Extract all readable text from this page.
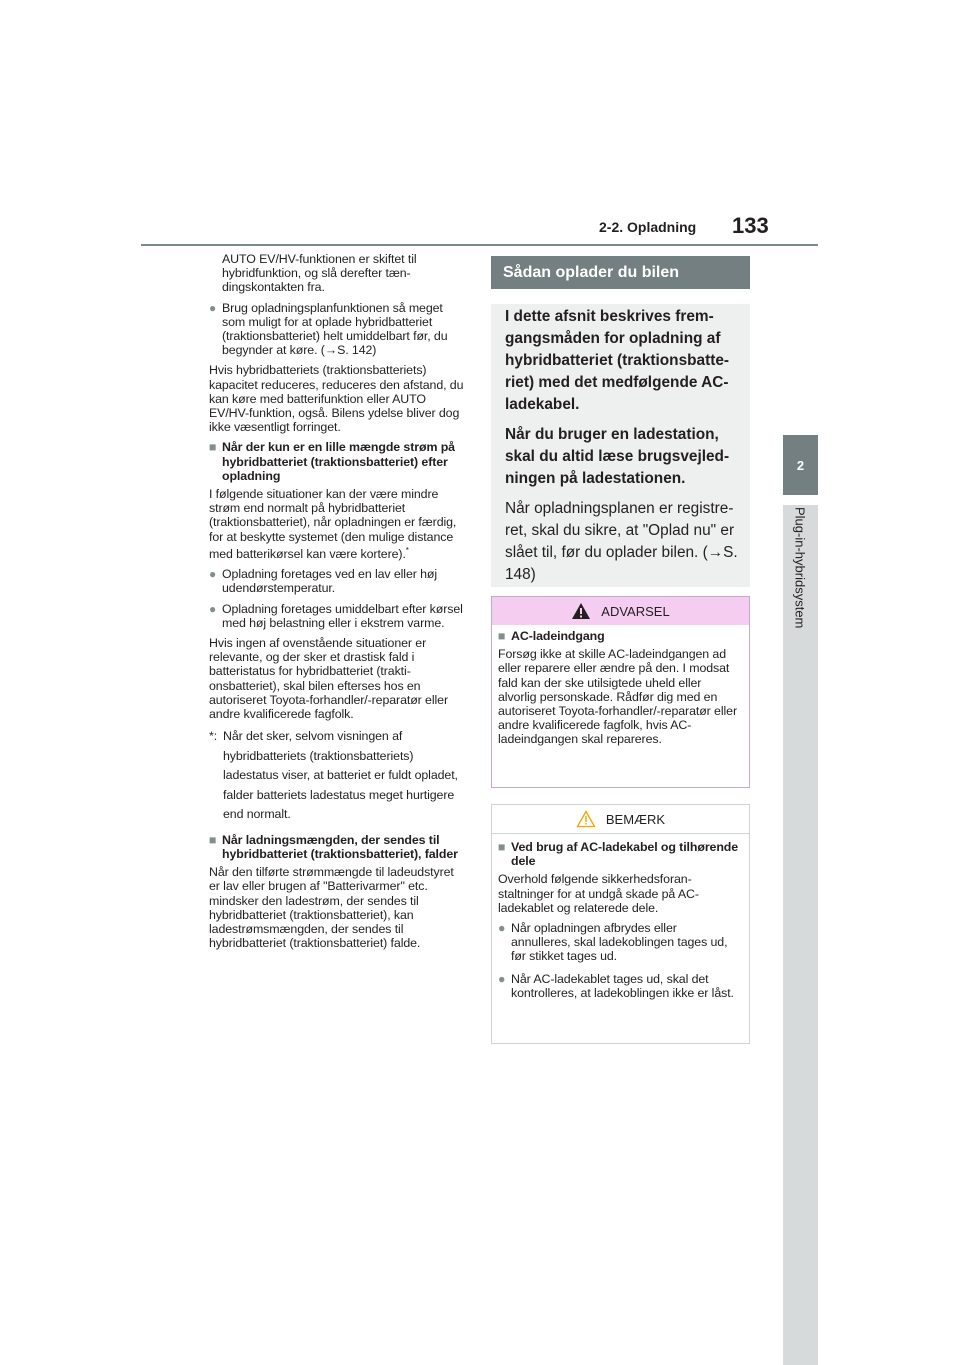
2-2. Opladning 133
2
Plug-in-hybridsystem

AUTO EV/HV-funktionen er skiftet til hybridfunktion, og slå derefter tændingskontakten fra.

● Brug opladningsplanfunktionen så meget som muligt for at oplade hybridbatteriet (traktionsbatteriet) helt umiddelbart før, du begynder at køre. (→S. 142)

Hvis hybridbatteriets (traktionsbatteriets) kapacitet reduceres, reduceres den afstand, du kan køre med batterifunktion eller AUTO EV/HV-funktion, også. Bilens ydelse bliver dog ikke væsentligt forringet.

■ Når der kun er en lille mængde strøm på hybridbatteriet (traktionsbatteriet) efter opladning

I følgende situationer kan der være mindre strøm end normalt på hybridbatteriet (traktionsbatteriet), når opladningen er færdig, for at beskytte systemet (den mulige distance med batterikørsel kan være kortere).*

● Opladning foretages ved en lav eller høj udendørstemperatur.
● Opladning foretages umiddelbart efter kørsel med høj belastning eller i ekstrem varme.

Hvis ingen af ovenstående situationer er relevante, og der sker et drastisk fald i batteristatus for hybridbatteriet (traktionsbatteriet), skal bilen efterses hos en autoriseret Toyota-forhandler/-reparatør eller andre kvalificerede fagfolk.

*: Når det sker, selvom visningen af hybridbatteriets (traktionsbatteriets) ladestatus viser, at batteriet er fuldt opladet, falder batteriets ladestatus meget hurtigere end normalt.
■ Når ladningsmængden, der sendes til hybridbatteriet (traktionsbatteriet), falder

Når den tilførte strømmængde til ladeudstyret er lav eller brugen af "Batterivarmer" etc. mindsker den ladestrøm, der sendes til hybridbatteriet (traktionsbatteriet), kan ladestrømsmængden, der sendes til hybridbatteriet (traktionsbatteriet) falde.

Sådan oplader du bilen

I dette afsnit beskrives fremgangsmåden for opladning af hybridbatteriet (traktionsbatteriet) med det medfølgende AC-ladekabel.

Når du bruger en ladestation, skal du altid læse brugsvejledningen på ladestationen.

Når opladningsplanen er registreret, skal du sikre, at "Oplad nu" er slået til, før du oplader bilen. (→S. 148)

ADVARSEL
■ AC-ladeindgang

Forsøg ikke at skille AC-ladeindgangen ad eller reparere eller ændre på den. I modsat fald kan der ske utilsigtede uheld eller alvorlig personskade. Rådfør dig med en autoriseret Toyota-forhandler/-reparatør eller andre kvalificerede fagfolk, hvis AC-ladeindgangen skal repareres.

BEMÆRK
■ Ved brug af AC-ladekabel og tilhørende dele

Overhold følgende sikkerhedsforanstaltninger for at undgå skade på AC-ladekablet og relaterede dele.

● Når opladningen afbrydes eller annulleres, skal ladekoblingen tages ud, før stikket tages ud.
● Når AC-ladekablet tages ud, skal det kontrolleres, at ladekoblingen ikke er låst.
